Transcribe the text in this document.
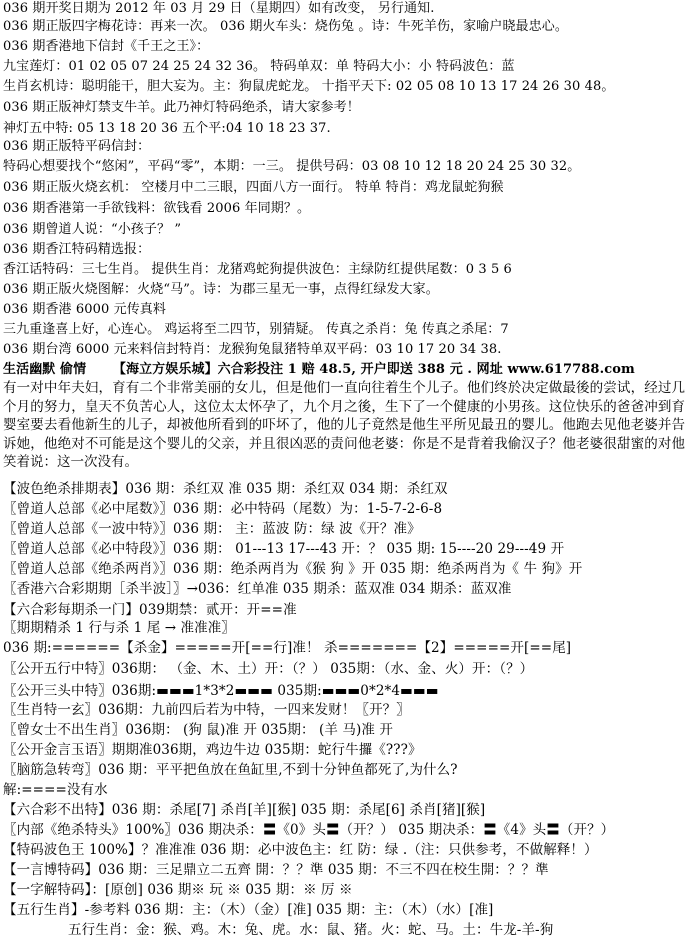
036 期开奖日期为 2012 年 03 月 29 日（星期四）如有改变， 另行通知.
036 期正版四字梅花诗：再来一次。 036 期火车头：烧伤兔 。诗：牛死羊伤，家喻户晓最忠心。
036 期香港地下信封《千王之王》：
九宝莲灯：01 02 05 07 24 25 24 32 36。 特码单双：单 特码大小：小 特码波色：蓝
生肖玄机诗：聪明能干，胆大妄为。主：狗鼠虎蛇龙。 十指平天下: 02 05 08 10 13 17 24 26 30 48。
036 期正版神灯禁支牛羊。此乃神灯特码绝杀，请大家参考！
神灯五中特: 05 13 18 20 36 五个平:04 10 18 23 37.
036 期正版特平码信封：
特码心想要找个“悠闲”，平码“零”，本期：一三。 提供号码：03 08 10 12 18 20 24 25 30 32。
036 期正版火烧玄机： 空楼月中二三眼，四面八方一面行。 特单 特肖：鸡龙鼠蛇狗猴
036 期香港第一手欲钱料：欲钱看 2006 年同期？。
036 期曾道人说：“小孩子？ ”
036 期香江特码精选报：
香江话特码：三七生肖。 提供生肖：龙猪鸡蛇狗提供波色：主绿防红提供尾数：0 3 5 6
036 期正版火烧图解：火烧“马”。诗：为郡三星无一事，点得红绿发大家。
036 期香港 6000 元传真料
三九重逢喜上好，心连心。 鸡运将至二四节，别猜疑。 传真之杀肖：兔 传真之杀尾：7
036 期台湾 6000 元来料信封特肖：龙猴狗兔鼠猪特单双平码：03 10 17 20 34 38.
生活幽默 偷情 【海立方娱乐城】六合彩投注 1 赔 48.5, 开户即送 388 元 . 网址 www.617788.com
有一对中年夫妇，育有二个非常美丽的女儿，但是他们一直向往着生个儿子。他们终於决定做最後的尝试，经过几个月的努力，皇天不负苦心人，这位太太怀孕了，九个月之後，生下了一个健康的小男孩。这位快乐的爸爸冲到育婴室要去看他新生的儿子，却被他所看到的吓坏了，他的儿子竟然是他生平所见最丑的婴儿。他跑去见他老婆并告诉她，他绝对不可能是这个婴儿的父亲，并且很凶恶的责问他老婆：你是不是背着我偷汉子？他老婆很甜蜜的对他笑着说：这一次没有。
【波色绝杀排期表】036 期：杀红双 准 035 期：杀红双 034 期：杀红双
〖曾道人总部《必中尾数》〗036 期：必中特码（尾数）为：1-5-7-2-6-8
〖曾道人总部《一波中特》〗036 期： 主：蓝波 防：绿 波《开？准》
〖曾道人总部《必中特段》〗036 期： 01---13 17---43 开：？ 035 期: 15----20 29---49 开
〖曾道人总部《绝杀两肖》〗036 期：绝杀两肖为《猴 狗 》开 035 期：绝杀两肖为《 牛 狗》开
〖香港六合彩期期［杀半波］〗→036：红单准 035 期杀：蓝双准 034 期杀：蓝双准
【六合彩每期杀一门】039期禁：贰开：开==准
〖期期精杀 1 行与杀 1 尾 → 准准准〗
036 期:======【杀金】=====开[==行]准！ 杀=======【2】=====开[==尾]
〖公开五行中特〗036期： （金、木、土）开：（？） 035期：（水、金、火）开：（？）
〖公开三头中特〗036期:▬▬▬1*3*2▬▬▬ 035期:▬▬▬0*2*4▬▬▬
〖生肖特一玄〗036期：九前四后若为中特，一四来发财！〖开？〗
〖曾女士不出生肖〗036期： (狗 鼠)准 开 035期： (羊 马)准 开
〖公开金言玉语〗期期准036期，鸡边牛边 035期：蛇行牛攞《???》
〖脑筋急转弯〗036 期：平平把鱼放在鱼缸里,不到十分钟鱼都死了,为什么?
解:====没有水
【六合彩不出特】036 期：杀尾[7] 杀肖[羊][猴] 035 期：杀尾[6] 杀肖[猪][猴]
〖内部《绝杀特头》100%〗036 期决杀：〓《0》头〓（开？） 035 期决杀：〓《4》头〓（开？）
【特码波色王 100%】？准准准 036 期：必中波色主：红 防：绿 .（注：只供参考，不做解释！）
【一言博特码】036 期：三足鼎立二五齊 開：？？準 035 期：不三不四在校生開：？？準
【一字解特码】：[原创] 036 期※ 玩 ※ 035 期：※ 厉 ※
【五行生肖】-参考料 036 期：主：（木）（金）[准] 035 期：主：（木）（水）[准]
五行生肖：金：猴、鸡。木：兔、虎。水：鼠、猪。火：蛇、马。土：牛龙-羊-狗
